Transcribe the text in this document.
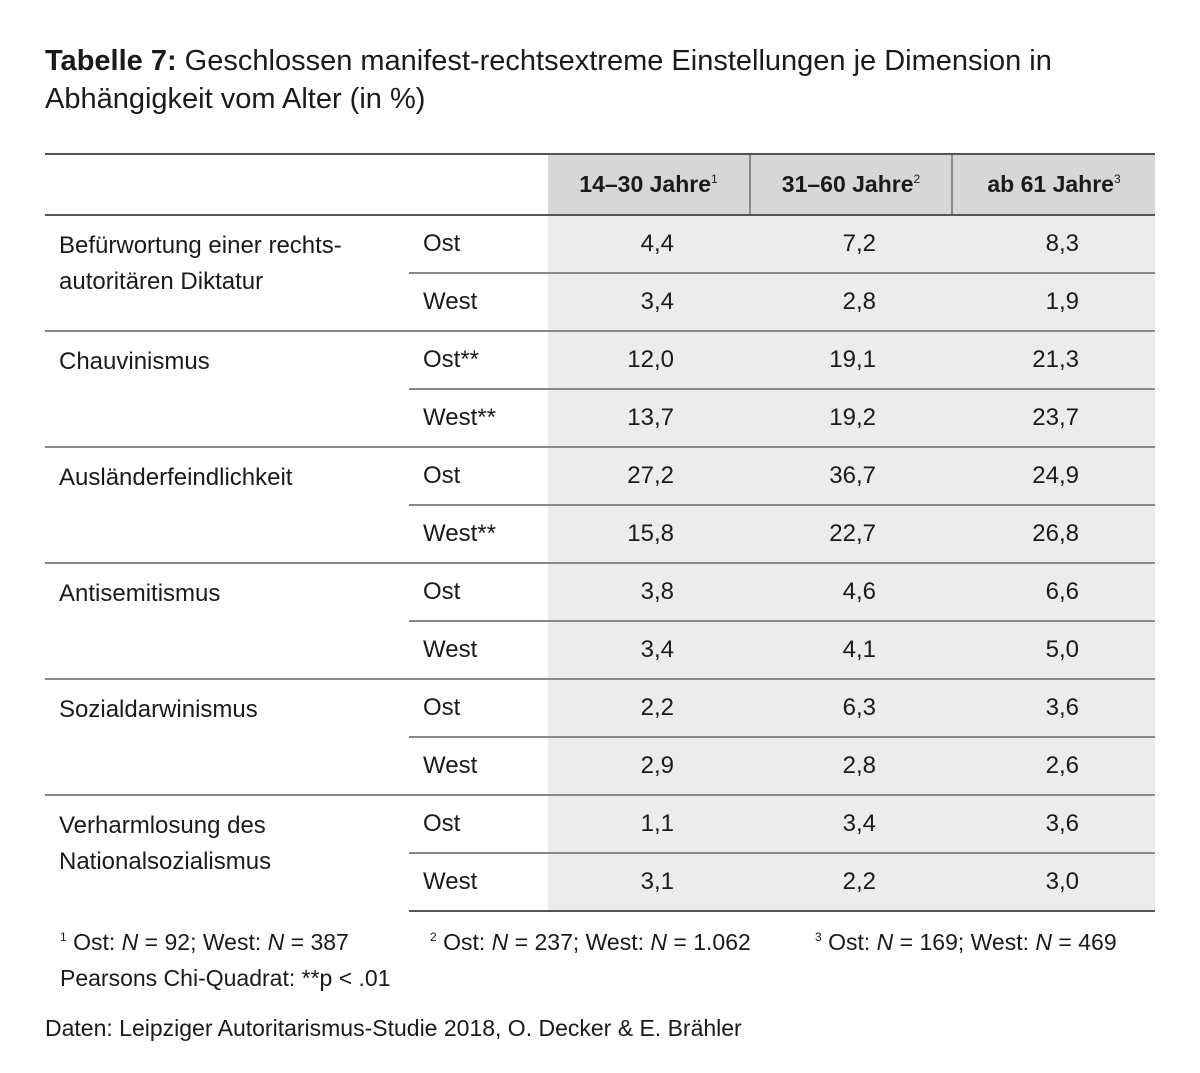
Tabelle 7: Geschlossen manifest-rechtsextreme Einstellungen je Dimension in Abhängigkeit vom Alter (in %)
		14–30 Jahre$^1$	31–60 Jahre$^2$	ab 61 Jahre$^3$
Befürwortung einer rechts-autoritären Diktatur	Ost	4,4	7,2	8,3
	West	3,4	2,8	1,9
Chauvinismus	Ost**	12,0	19,1	21,3
	West**	13,7	19,2	23,7
Ausländerfeindlichkeit	Ost	27,2	36,7	24,9
	West**	15,8	22,7	26,8
Antisemitismus	Ost	3,8	4,6	6,6
	West	3,4	4,1	5,0
Sozialdarwinismus	Ost	2,2	6,3	3,6
	West	2,9	2,8	2,6
Verharmlosung des Nationalsozialismus	Ost	1,1	3,4	3,6
	West	3,1	2,2	3,0
$^1$ Ost: N = 92; West: N = 387	$^2$ Ost: N = 237; West: N = 1.062	$^3$ Ost: N = 169; West: N = 469
Pearsons Chi-Quadrat: **p < .01
Daten: Leipziger Autoritarismus-Studie 2018, O. Decker & E. Brähler
